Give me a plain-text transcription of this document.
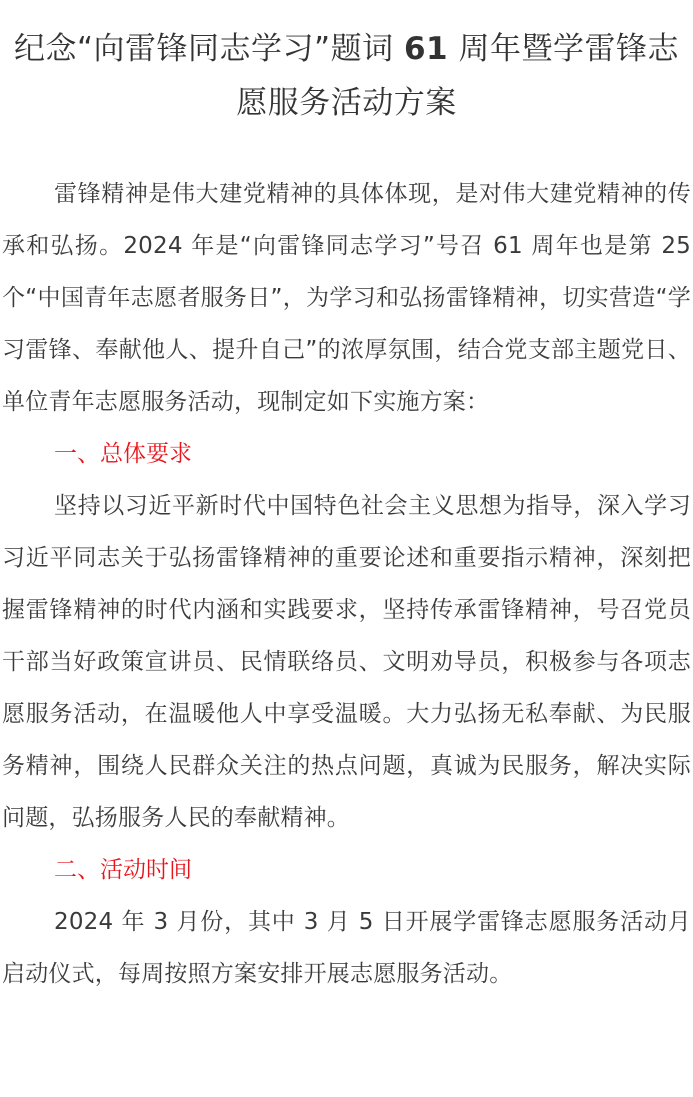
纪念“向雷锋同志学习”题词 61 周年暨学雷锋志愿服务活动方案

雷锋精神是伟大建党精神的具体体现，是对伟大建党精神的传承和弘扬。2024 年是“向雷锋同志学习”号召 61 周年也是第 25 个“中国青年志愿者服务日”，为学习和弘扬雷锋精神，切实营造“学习雷锋、奉献他人、提升自己”的浓厚氛围，结合党支部主题党日、单位青年志愿服务活动，现制定如下实施方案：

一、总体要求

坚持以习近平新时代中国特色社会主义思想为指导，深入学习习近平同志关于弘扬雷锋精神的重要论述和重要指示精神，深刻把握雷锋精神的时代内涵和实践要求，坚持传承雷锋精神，号召党员干部当好政策宣讲员、民情联络员、文明劝导员，积极参与各项志愿服务活动，在温暖他人中享受温暖。大力弘扬无私奉献、为民服务精神，围绕人民群众关注的热点问题，真诚为民服务，解决实际问题，弘扬服务人民的奉献精神。

二、活动时间

2024 年 3 月份，其中 3 月 5 日开展学雷锋志愿服务活动月启动仪式，每周按照方案安排开展志愿服务活动。
